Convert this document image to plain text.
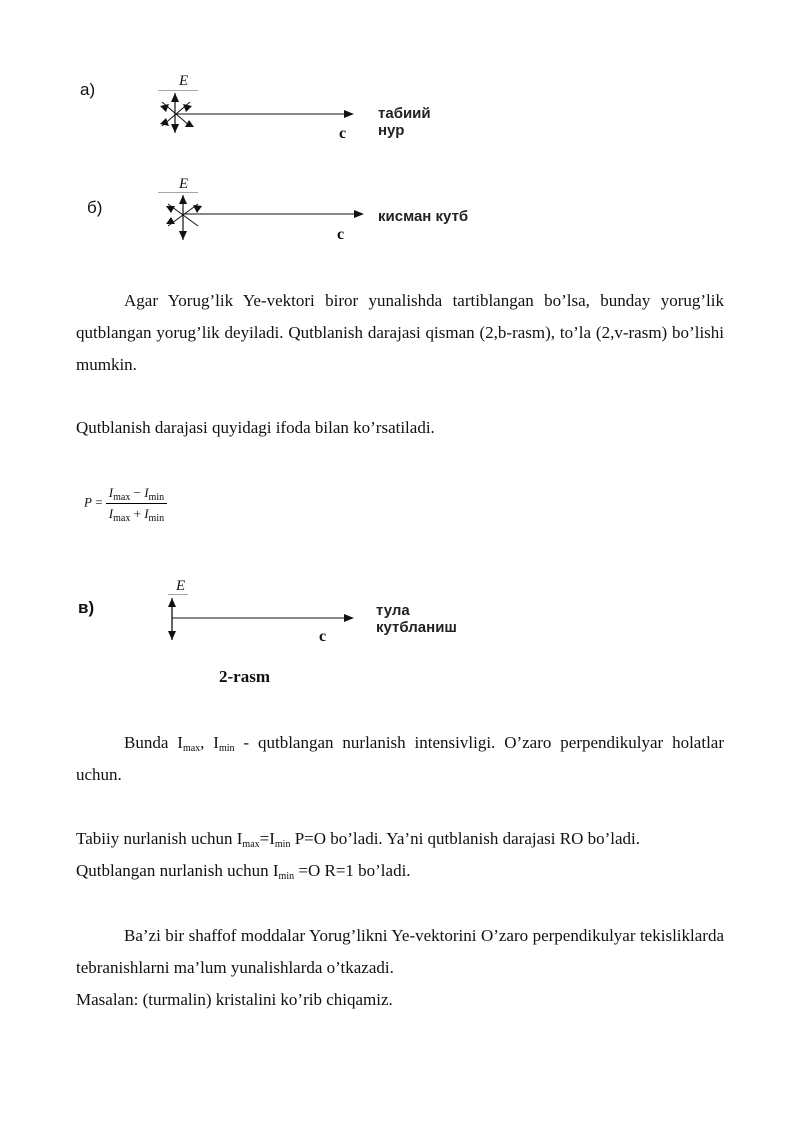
а)	E
c
табиий
нур
б)
E
c
кисман кутб

Agar Yorug’lik Ye-vektori biror yunalishda tartiblangan bo’lsa, bunday yorug’lik qutblangan yorug’lik deyiladi. Qutblanish darajasi qisman (2,b-rasm), to’la (2,v-rasm) bo’lishi mumkin.

Qutblanish darajasi quyidagi ifoda bilan ko’rsatiladi.

$P = \frac{I_{max} - I_{min}}{I_{max} + I_{min}}$
в)
E
c
тула
кутбланиш
2-rasm

Bunda $I_{max}$, $I_{min}$ - qutblangan nurlanish intensivligi. O’zaro perpendikulyar holatlar uchun.

Tabiiy nurlanish uchun $I_{max}=I_{min}$ P=O bo’ladi. Ya’ni qutblanish darajasi RO bo’ladi.

Qutblangan nurlanish uchun $I_{min} =O$ R=1 bo’ladi.

Ba’zi bir shaffof moddalar Yorug’likni Ye-vektorini O’zaro perpendikulyar tekisliklarda tebranishlarni ma’lum yunalishlarda o’tkazadi.

Masalan: (turmalin) kristalini ko’rib chiqamiz.
